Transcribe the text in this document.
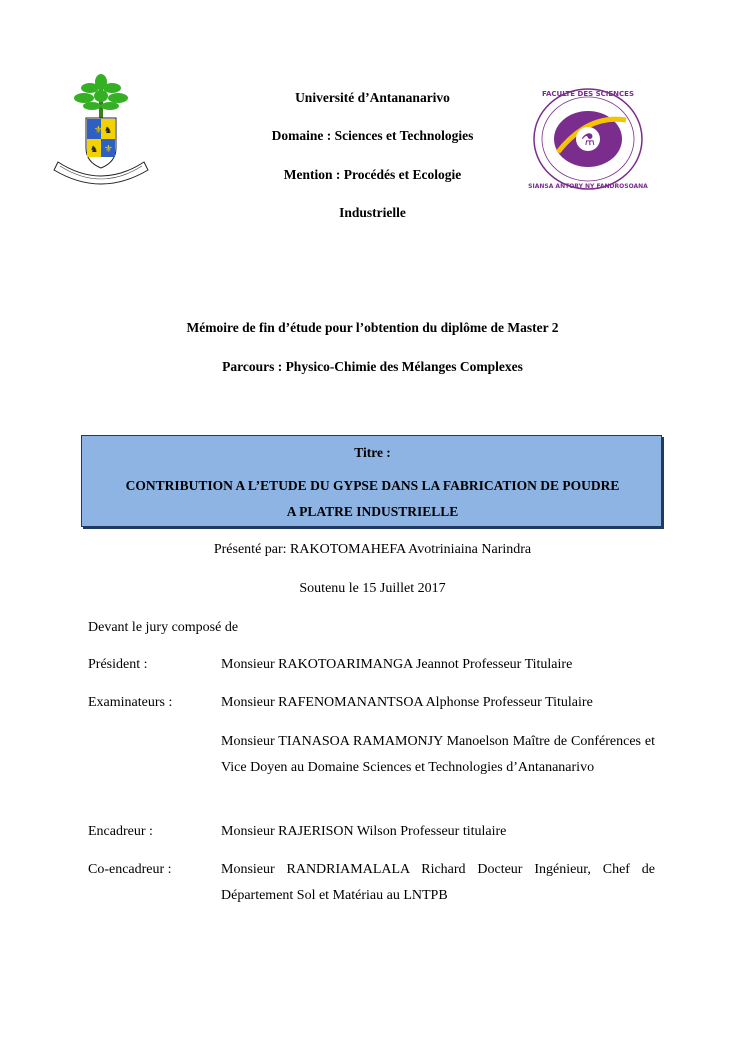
⚜ ♞
♞ ⚜
⚗
FACULTE DES SCIENCES
SIANSA ANTORY NY FANDROSOANA
Université d’Antananarivo
Domaine : Sciences et Technologies
Mention : Procédés et Ecologie
Industrielle
Mémoire de fin d’étude pour l’obtention du diplôme de Master 2
Parcours : Physico-Chimie des Mélanges Complexes
Titre :
CONTRIBUTION A L’ETUDE DU GYPSE DANS LA FABRICATION DE POUDRE
A PLATRE INDUSTRIELLE
Présenté par: RAKOTOMAHEFA Avotriniaina Narindra
Soutenu le 15 Juillet 2017
Devant le jury composé de
Président :	Monsieur RAKOTOARIMANGA Jeannot Professeur Titulaire
Examinateurs :	Monsieur RAFENOMANANTSOA Alphonse Professeur Titulaire
Monsieur TIANASOA RAMAMONJY Manoelson Maître de Conférences et Vice Doyen au Domaine Sciences et Technologies d’Antananarivo
Encadreur :	Monsieur RAJERISON Wilson Professeur titulaire
Co-encadreur :	Monsieur RANDRIAMALALA Richard Docteur Ingénieur, Chef de Département Sol et Matériau au LNTPB
